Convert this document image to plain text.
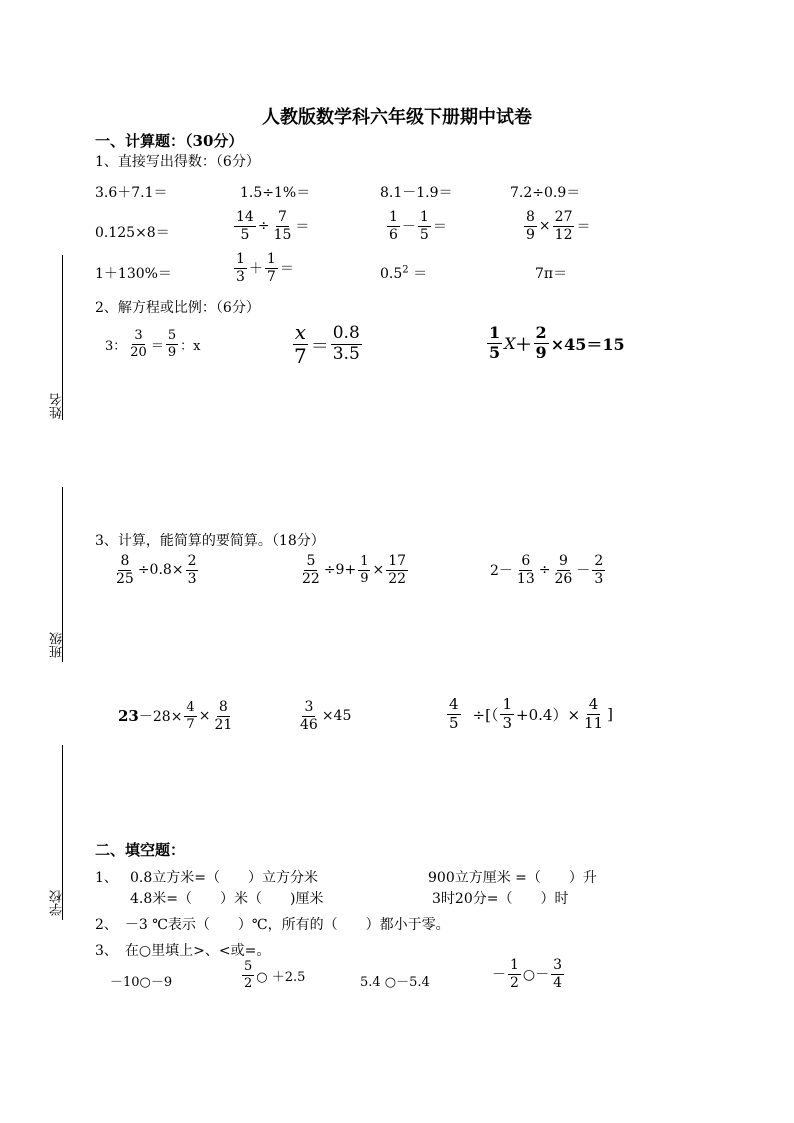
姓名
班级
学校
人教版数学科六年级下册期中试卷
一、计算题：（30分）
1、直接写出得数：（6分）
3.6＋7.1＝	1.5÷1%＝	8.1－1.9＝	7.2÷0.9＝
0.125×8＝	$\frac{14}{5} \div \frac{7}{15}$ ＝	$\frac{1}{6} - \frac{1}{5}$ ＝	$\frac{8}{9} \times \frac{27}{12}$ ＝
1＋130%＝	$\frac{1}{3} + \frac{1}{7}$ ＝	$0.5^2$ ＝	7π＝
2、解方程或比例：（6分）
3： $\frac{3}{20} = \frac{5}{9}$ ：x	$\frac{x}{7} = \frac{0.8}{3.5}$	$\frac{1}{5}$ $X + \frac{2}{9} \times 45=15$
3、计算，能简算的要简算。（18分）
$\frac{8}{25} \div 0.8\times \frac{2}{3}$	$\frac{5}{22} \div 9+ \frac{1}{9} \times \frac{17}{22}$	$2- \frac{6}{13} \div \frac{9}{26} - \frac{2}{3}$
$23 -28\times \frac{4}{7} \times \frac{8}{21}$	$\frac{3}{46} \times 45$	$\frac{4}{5}$ ÷[（ $\frac{1}{3} +0.4)\times \frac{4}{11}$ ]
二、填空题：
1、 0.8立方米=（　　）立方分米	900立方厘米 =（　　）升
4.8米=（　　）米（　　)厘米	3时20分=（　　）时
2、　－3 ℃表示（　　）℃，所有的（　　）都小于零。
3、　在○里填上>、<或=。
－10○－9	$\frac{5}{2}$ ○ ＋2.5	5.4 ○－5.4	－ $\frac{1}{2}$ ○－ $\frac{3}{4}$
